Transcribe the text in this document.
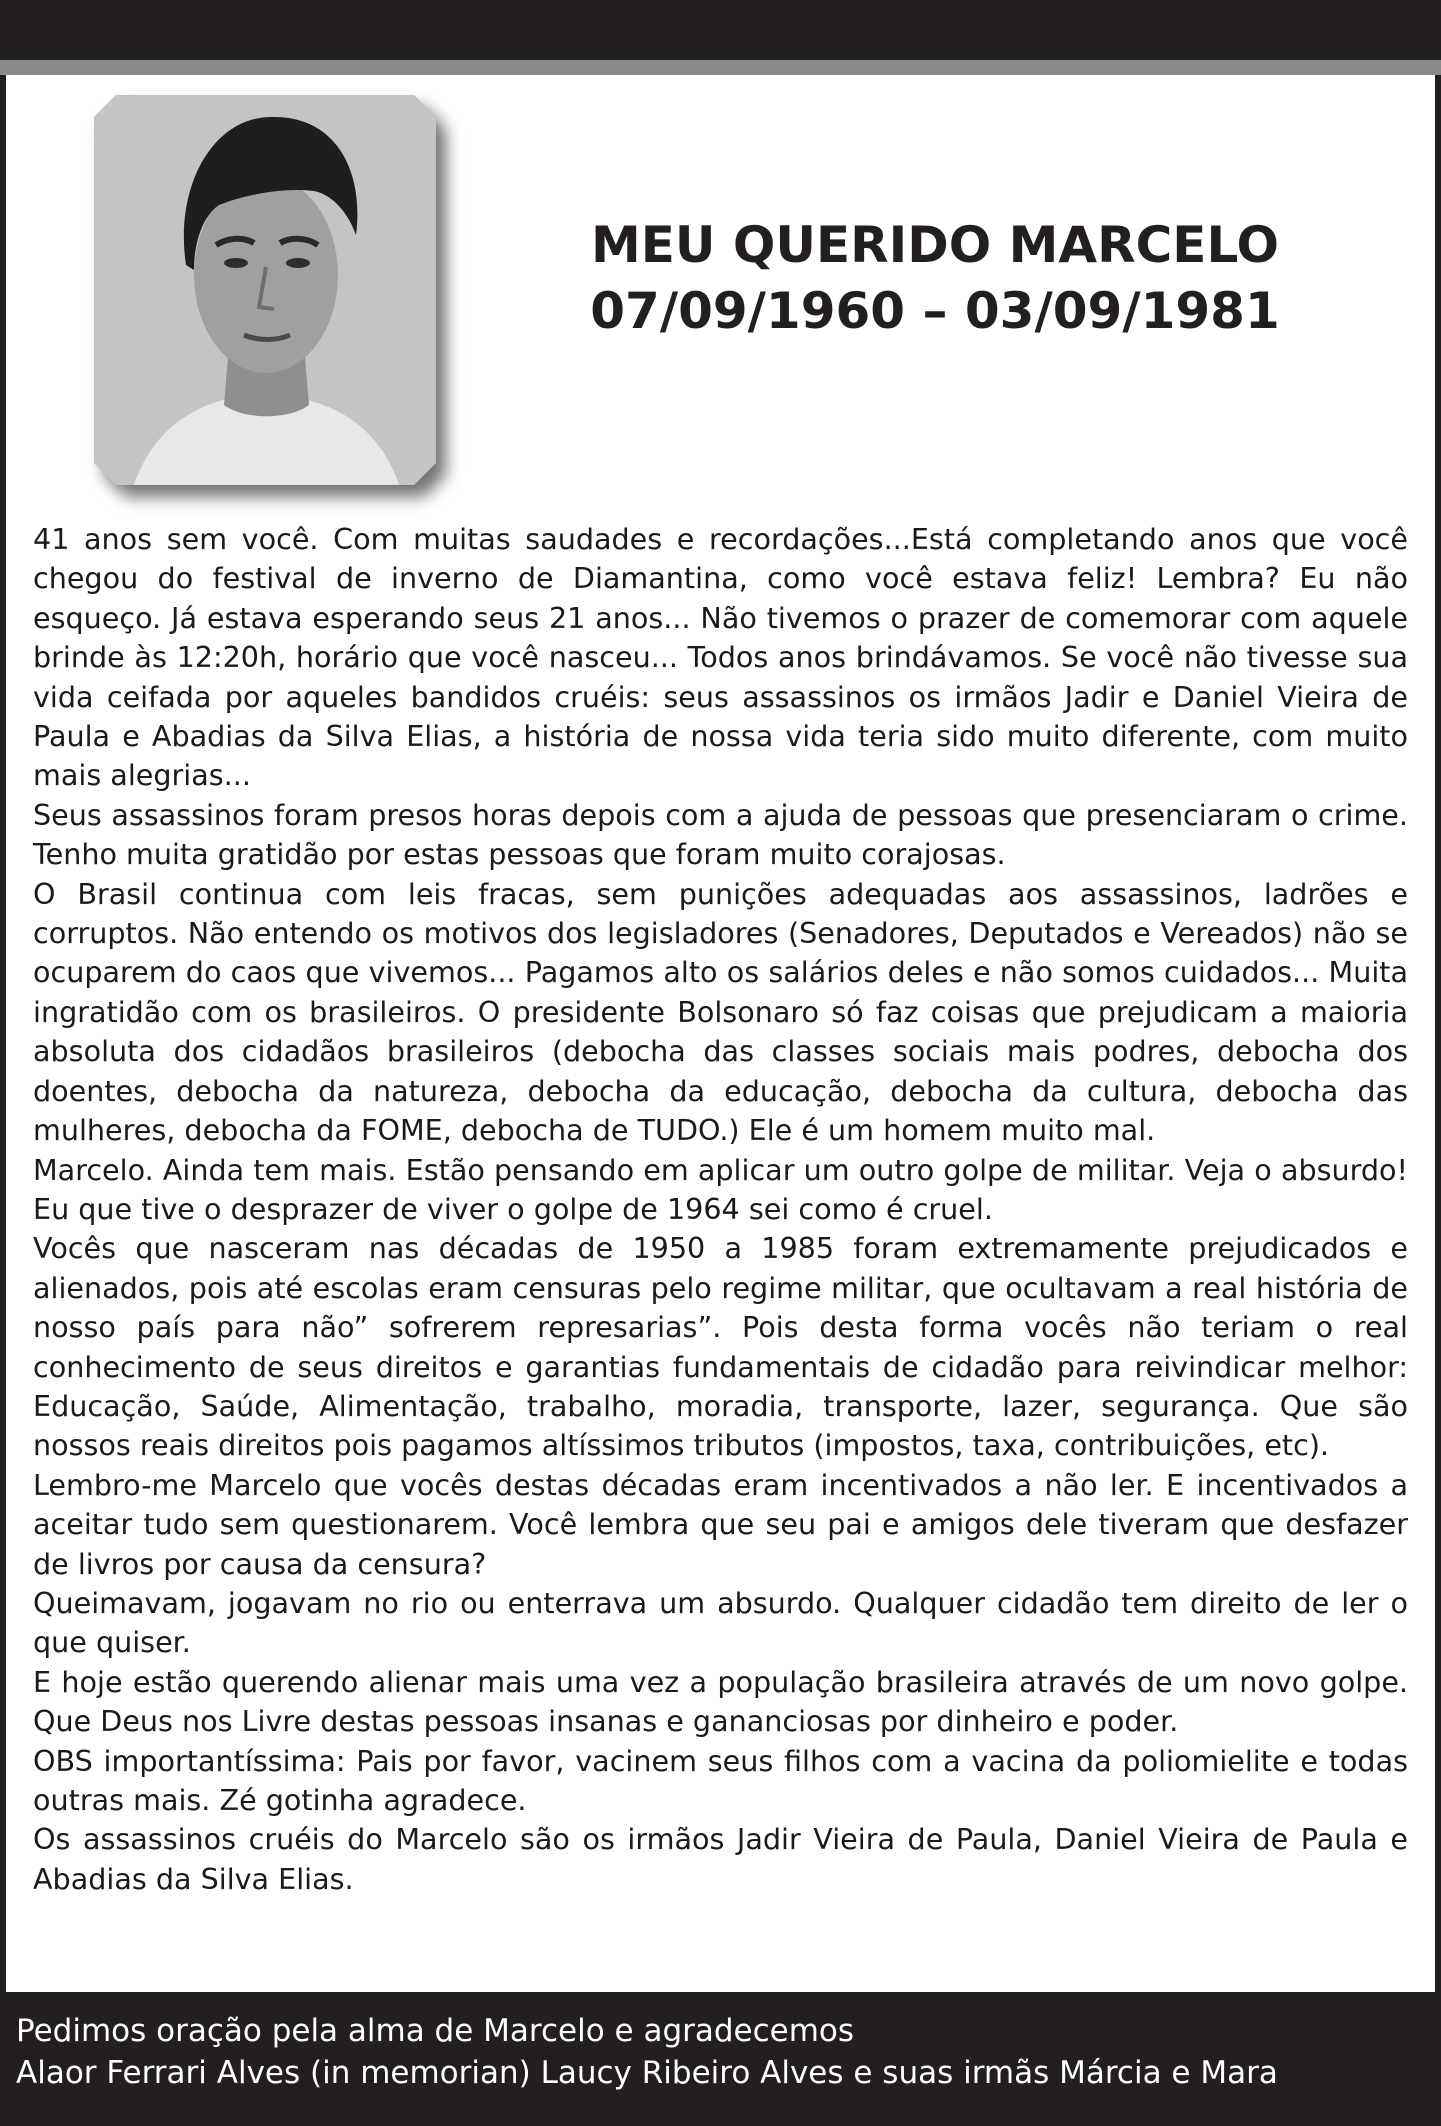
MEU QUERIDO MARCELO
07/09/1960 – 03/09/1981

41 anos sem você. Com muitas saudades e recordações...Está completando anos que você chegou do festival de inverno de Diamantina, como você estava feliz! Lembra? Eu não esqueço. Já estava esperando seus 21 anos... Não tivemos o prazer de comemorar com aquele brinde às 12:20h, horário que você nasceu... Todos anos brindávamos. Se você não tivesse sua vida ceifada por aqueles bandidos cruéis: seus assassinos os irmãos Jadir e Daniel Vieira de Paula e Abadias da Silva Elias, a história de nossa vida teria sido muito diferente, com muito mais alegrias...

Seus assassinos foram presos horas depois com a ajuda de pessoas que presenciaram o crime. Tenho muita gratidão por estas pessoas que foram muito corajosas.

O Brasil continua com leis fracas, sem punições adequadas aos assassinos, ladrões e corruptos. Não entendo os motivos dos legisladores (Senadores, Deputados e Vereados) não se ocuparem do caos que vivemos... Pagamos alto os salários deles e não somos cuidados... Muita ingratidão com os brasileiros. O presidente Bolsonaro só faz coisas que prejudicam a maioria absoluta dos cidadãos brasileiros (debocha das classes sociais mais podres, debocha dos doentes, debocha da natureza, debocha da educação, debocha da cultura, debocha das mulheres, debocha da FOME, debocha de TUDO.) Ele é um homem muito mal.

Marcelo. Ainda tem mais. Estão pensando em aplicar um outro golpe de militar. Veja o absurdo! Eu que tive o desprazer de viver o golpe de 1964 sei como é cruel.

Vocês que nasceram nas décadas de 1950 a 1985 foram extremamente prejudicados e alienados, pois até escolas eram censuras pelo regime militar, que ocultavam a real história de nosso país para não” sofrerem represarias”. Pois desta forma vocês não teriam o real conhecimento de seus direitos e garantias fundamentais de cidadão para reivindicar melhor: Educação, Saúde, Alimentação, trabalho, moradia, transporte, lazer, segurança. Que são nossos reais direitos pois pagamos altíssimos tributos (impostos, taxa, contribuições, etc).

Lembro-me Marcelo que vocês destas décadas eram incentivados a não ler. E incentivados a aceitar tudo sem questionarem. Você lembra que seu pai e amigos dele tiveram que desfazer de livros por causa da censura?

Queimavam, jogavam no rio ou enterrava um absurdo. Qualquer cidadão tem direito de ler o que quiser.

E hoje estão querendo alienar mais uma vez a população brasileira através de um novo golpe. Que Deus nos Livre destas pessoas insanas e gananciosas por dinheiro e poder.

OBS importantíssima: Pais por favor, vacinem seus filhos com a vacina da poliomielite e todas outras mais. Zé gotinha agradece.

Os assassinos cruéis do Marcelo são os irmãos Jadir Vieira de Paula, Daniel Vieira de Paula e Abadias da Silva Elias.

Pedimos oração pela alma de Marcelo e agradecemos
Alaor Ferrari Alves (in memorian) Laucy Ribeiro Alves e suas irmãs Márcia e Mara
